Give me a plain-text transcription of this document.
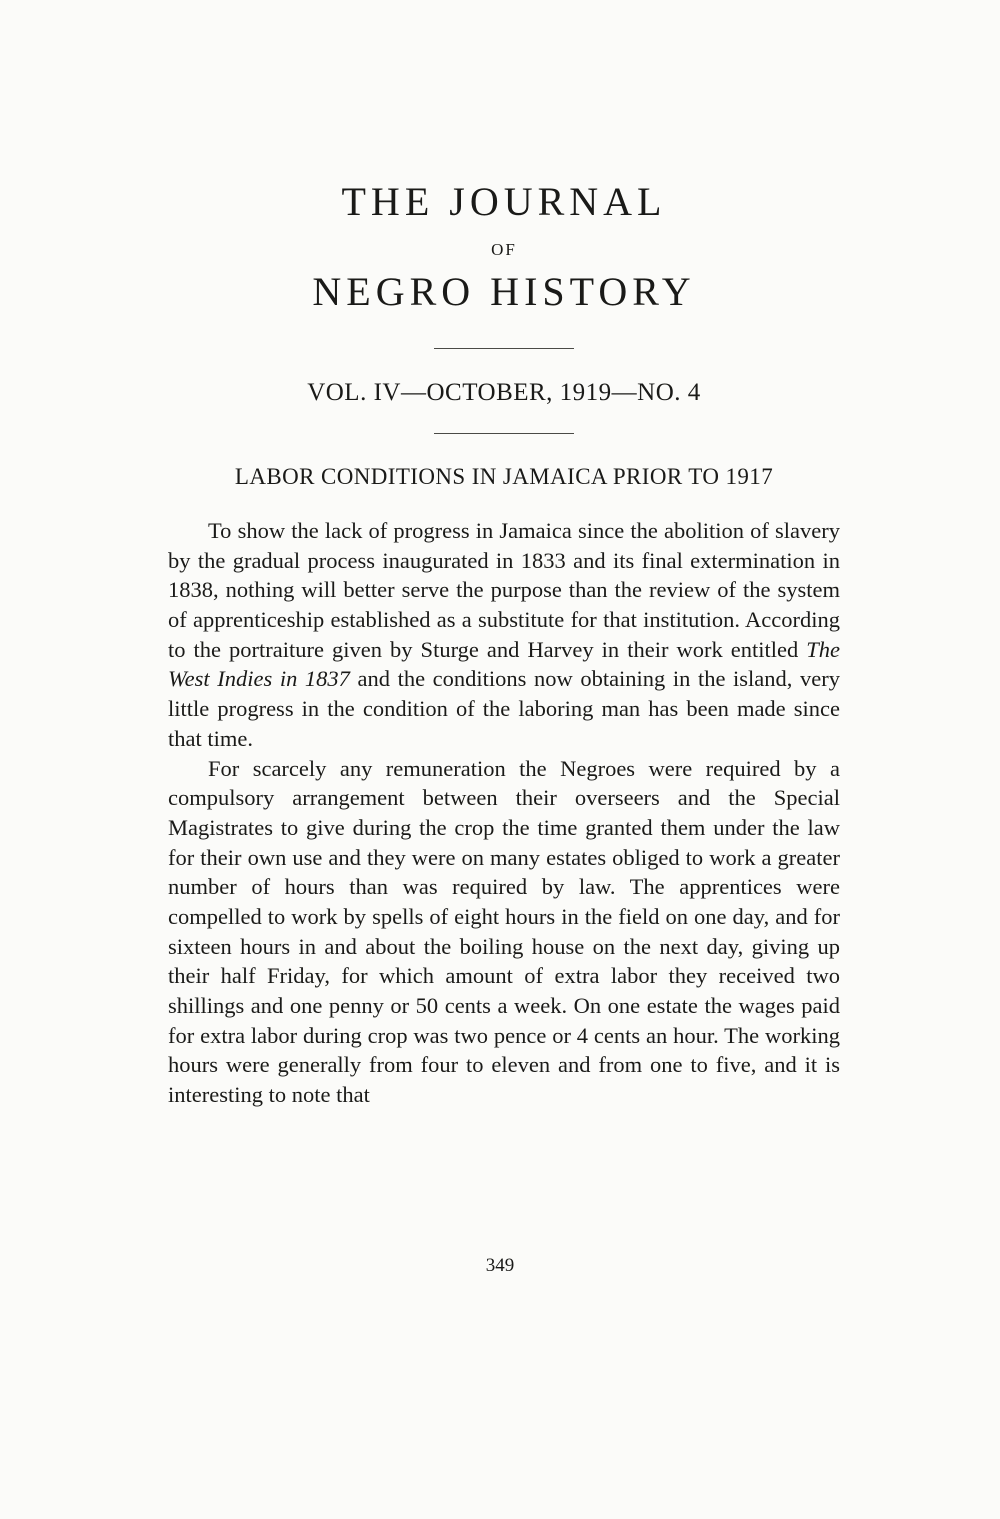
THE JOURNAL
OF
NEGRO HISTORY
VOL. IV—OCTOBER, 1919—NO. 4
LABOR CONDITIONS IN JAMAICA PRIOR TO 1917

To show the lack of progress in Jamaica since the abolition of slavery by the gradual process inaugurated in 1833 and its final extermination in 1838, nothing will better serve the purpose than the review of the system of apprenticeship established as a substitute for that institution. According to the portraiture given by Sturge and Harvey in their work entitled The West Indies in 1837 and the conditions now obtaining in the island, very little progress in the condition of the laboring man has been made since that time.

For scarcely any remuneration the Negroes were required by a compulsory arrangement between their overseers and the Special Magistrates to give during the crop the time granted them under the law for their own use and they were on many estates obliged to work a greater number of hours than was required by law. The apprentices were compelled to work by spells of eight hours in the field on one day, and for sixteen hours in and about the boiling house on the next day, giving up their half Friday, for which amount of extra labor they received two shillings and one penny or 50 cents a week. On one estate the wages paid for extra labor during crop was two pence or 4 cents an hour. The working hours were generally from four to eleven and from one to five, and it is interesting to note that

349
